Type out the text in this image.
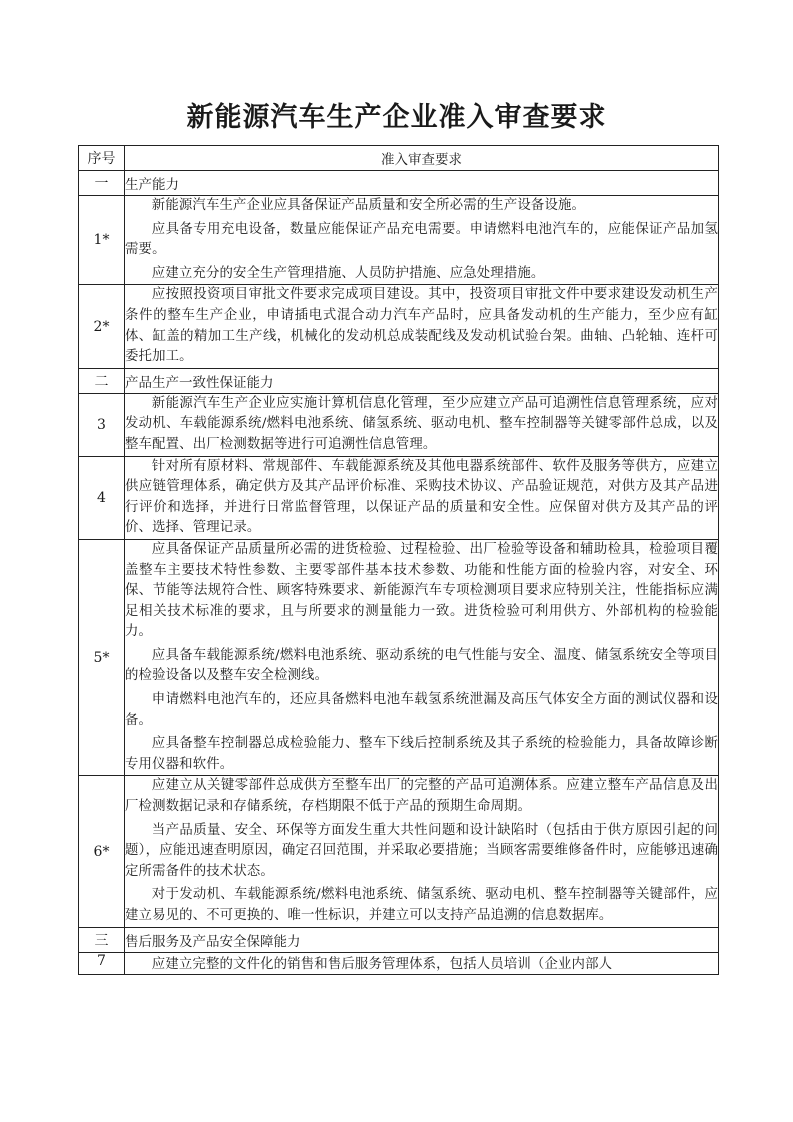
新能源汽车生产企业准入审查要求
序号	准入审查要求
一	生产能力
1*	新能源汽车生产企业应具备保证产品质量和安全所必需的生产设备设施。

应具备专用充电设备，数量应能保证产品充电需要。申请燃料电池汽车的，应能保证产品加氢需要。

应建立充分的安全生产管理措施、人员防护措施、应急处理措施。

2*	应按照投资项目审批文件要求完成项目建设。其中，投资项目审批文件中要求建设发动机生产条件的整车生产企业，申请插电式混合动力汽车产品时，应具备发动机的生产能力，至少应有缸体、缸盖的精加工生产线，机械化的发动机总成装配线及发动机试验台架。曲轴、凸轮轴、连杆可委托加工。

二	产品生产一致性保证能力
3	新能源汽车生产企业应实施计算机信息化管理，至少应建立产品可追溯性信息管理系统，应对发动机、车载能源系统/燃料电池系统、储氢系统、驱动电机、整车控制器等关键零部件总成，以及整车配置、出厂检测数据等进行可追溯性信息管理。

4	针对所有原材料、常规部件、车载能源系统及其他电器系统部件、软件及服务等供方，应建立供应链管理体系，确定供方及其产品评价标准、采购技术协议、产品验证规范，对供方及其产品进行评价和选择，并进行日常监督管理，以保证产品的质量和安全性。应保留对供方及其产品的评价、选择、管理记录。

5*	应具备保证产品质量所必需的进货检验、过程检验、出厂检验等设备和辅助检具，检验项目覆盖整车主要技术特性参数、主要零部件基本技术参数、功能和性能方面的检验内容，对安全、环保、节能等法规符合性、顾客特殊要求、新能源汽车专项检测项目要求应特别关注，性能指标应满足相关技术标准的要求，且与所要求的测量能力一致。进货检验可利用供方、外部机构的检验能力。

应具备车载能源系统/燃料电池系统、驱动系统的电气性能与安全、温度、储氢系统安全等项目的检验设备以及整车安全检测线。

申请燃料电池汽车的，还应具备燃料电池车载氢系统泄漏及高压气体安全方面的测试仪器和设备。

应具备整车控制器总成检验能力、整车下线后控制系统及其子系统的检验能力，具备故障诊断专用仪器和软件。

6*	应建立从关键零部件总成供方至整车出厂的完整的产品可追溯体系。应建立整车产品信息及出厂检测数据记录和存储系统，存档期限不低于产品的预期生命周期。

当产品质量、安全、环保等方面发生重大共性问题和设计缺陷时（包括由于供方原因引起的问题），应能迅速查明原因，确定召回范围，并采取必要措施；当顾客需要维修备件时，应能够迅速确定所需备件的技术状态。

对于发动机、车载能源系统/燃料电池系统、储氢系统、驱动电机、整车控制器等关键部件，应建立易见的、不可更换的、唯一性标识，并建立可以支持产品追溯的信息数据库。

三	售后服务及产品安全保障能力
7	应建立完整的文件化的销售和售后服务管理体系，包括人员培训（企业内部人
